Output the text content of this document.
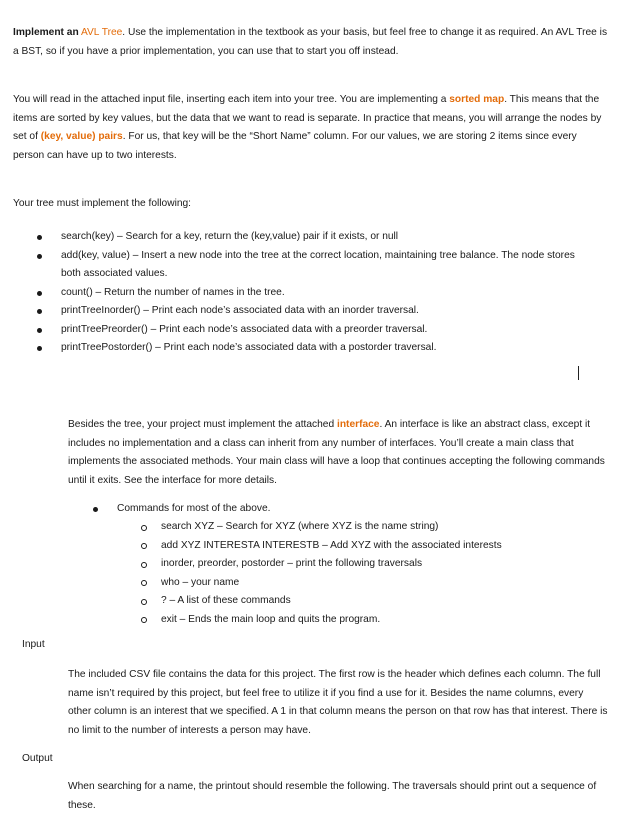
Implement an AVL Tree. Use the implementation in the textbook as your basis, but feel free to change it as required. An AVL Tree is a BST, so if you have a prior implementation, you can use that to start you off instead.

You will read in the attached input file, inserting each item into your tree. You are implementing a sorted map. This means that the items are sorted by key values, but the data that we want to read is separate. In practice that means, you will arrange the nodes by set of (key, value) pairs. For us, that key will be the “Short Name” column. For our values, we are storing 2 items since every person can have up to two interests.

Your tree must implement the following:

search(key) – Search for a key, return the (key,value) pair if it exists, or null
add(key, value) – Insert a new node into the tree at the correct location, maintaining tree balance. The node stores both associated values.
count() – Return the number of names in the tree.
printTreeInorder() – Print each node’s associated data with an inorder traversal.
printTreePreorder() – Print each node’s associated data with a preorder traversal.
printTreePostorder() – Print each node’s associated data with a postorder traversal.

Besides the tree, your project must implement the attached interface. An interface is like an abstract class, except it includes no implementation and a class can inherit from any number of interfaces. You’ll create a main class that implements the associated methods. Your main class will have a loop that continues accepting the following commands until it exits. See the interface for more details.

Commands for most of the above.
search XYZ – Search for XYZ (where XYZ is the name string)
add XYZ INTERESTA INTERESTB – Add XYZ with the associated interests
inorder, preorder, postorder – print the following traversals
who – your name
? – A list of these commands
exit – Ends the main loop and quits the program.
Input

The included CSV file contains the data for this project. The first row is the header which defines each column. The full name isn’t required by this project, but feel free to utilize it if you find a use for it. Besides the name columns, every other column is an interest that we specified. A 1 in that column means the person on that row has that interest. There is no limit to the number of interests a person may have.

Output

When searching for a name, the printout should resemble the following. The traversals should print out a sequence of these.
